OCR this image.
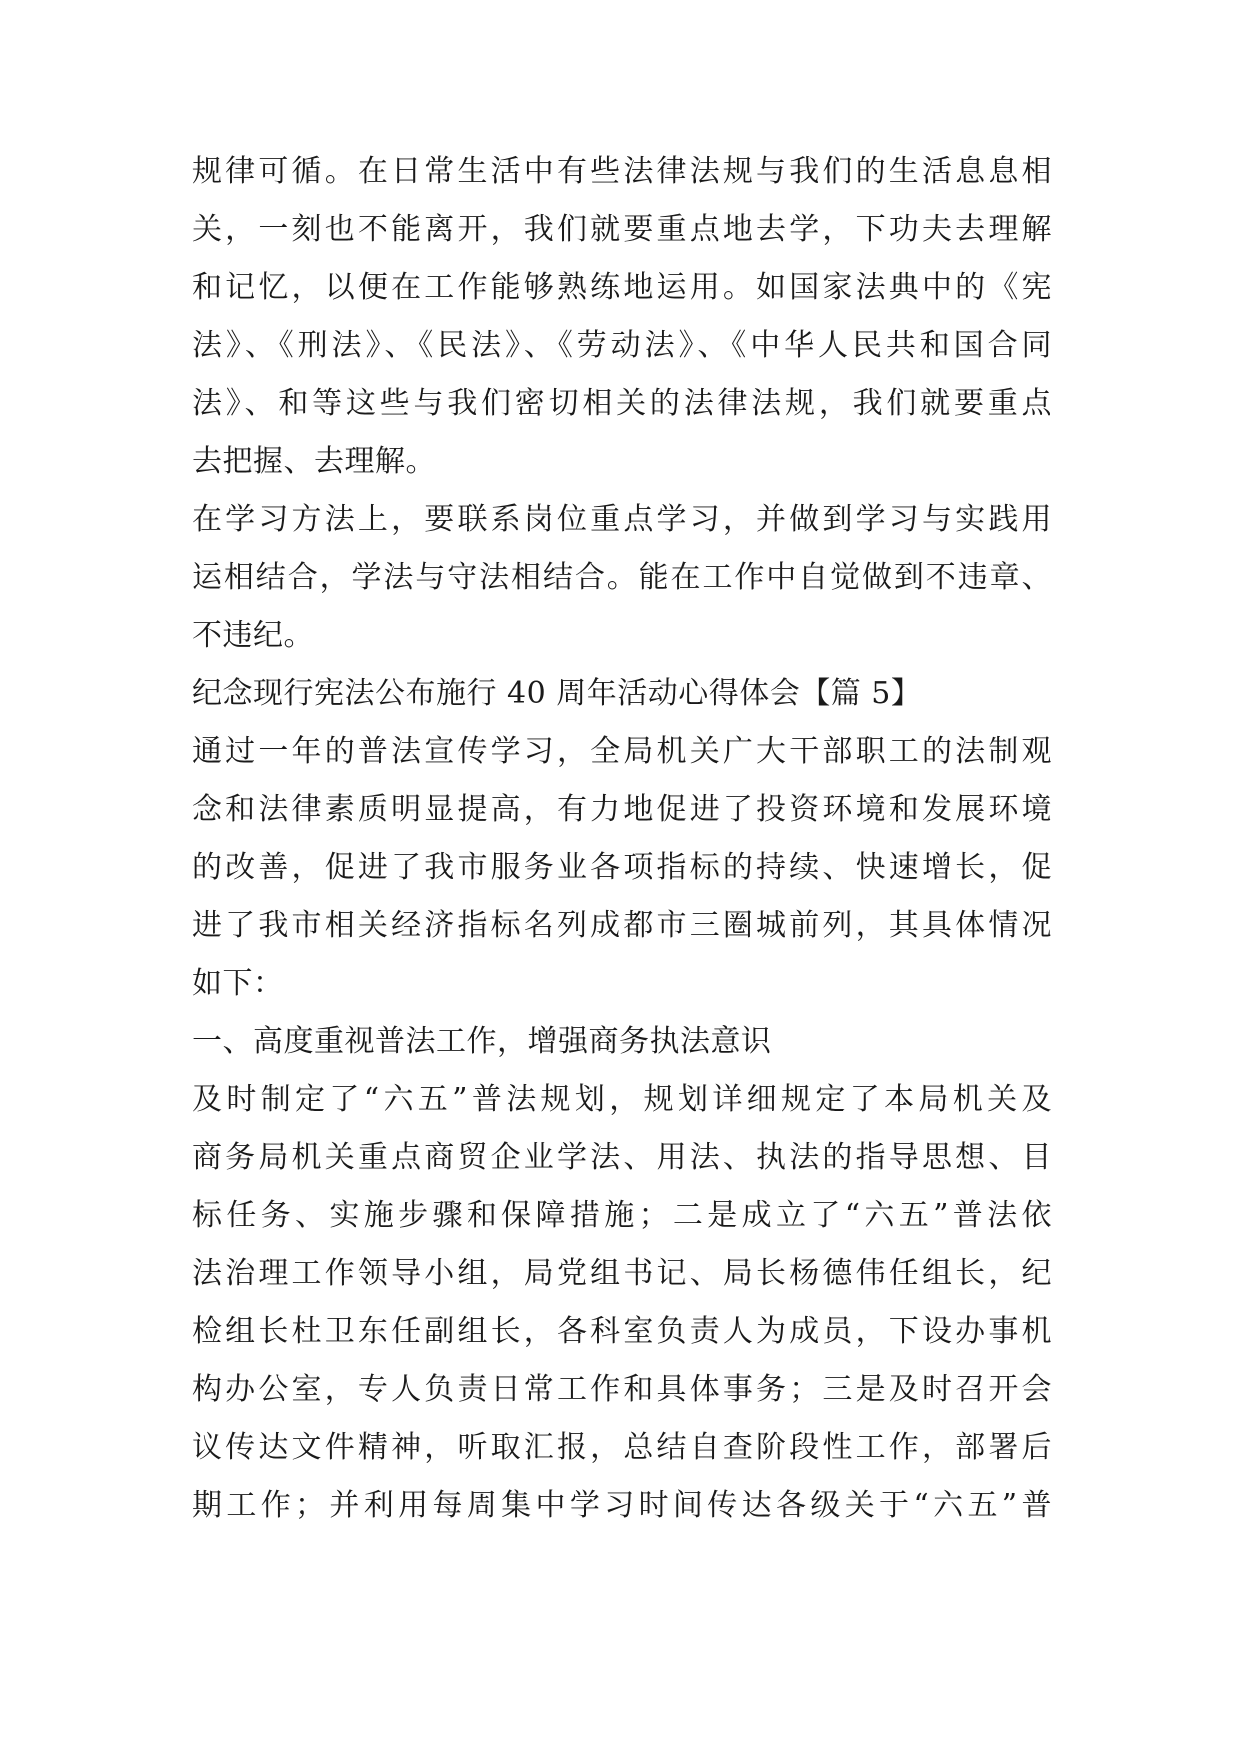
规律可循。在日常生活中有些法律法规与我们的生活息息相
关，一刻也不能离开，我们就要重点地去学，下功夫去理解
和记忆，以便在工作能够熟练地运用。如国家法典中的《宪
法》、《刑法》、《民法》、《劳动法》、《中华人民共和国合同
法》、和等这些与我们密切相关的法律法规，我们就要重点
去把握、去理解。
在学习方法上，要联系岗位重点学习，并做到学习与实践用
运相结合，学法与守法相结合。能在工作中自觉做到不违章、
不违纪。
纪念现行宪法公布施行 40 周年活动心得体会【篇 5】
通过一年的普法宣传学习，全局机关广大干部职工的法制观
念和法律素质明显提高，有力地促进了投资环境和发展环境
的改善，促进了我市服务业各项指标的持续、快速增长，促
进了我市相关经济指标名列成都市三圈城前列，其具体情况
如下：
一、高度重视普法工作，增强商务执法意识
及时制定了“六五”普法规划，规划详细规定了本局机关及
商务局机关重点商贸企业学法、用法、执法的指导思想、目
标任务、实施步骤和保障措施；二是成立了“六五”普法依
法治理工作领导小组，局党组书记、局长杨德伟任组长，纪
检组长杜卫东任副组长，各科室负责人为成员，下设办事机
构办公室，专人负责日常工作和具体事务；三是及时召开会
议传达文件精神，听取汇报，总结自查阶段性工作，部署后
期工作；并利用每周集中学习时间传达各级关于“六五”普
